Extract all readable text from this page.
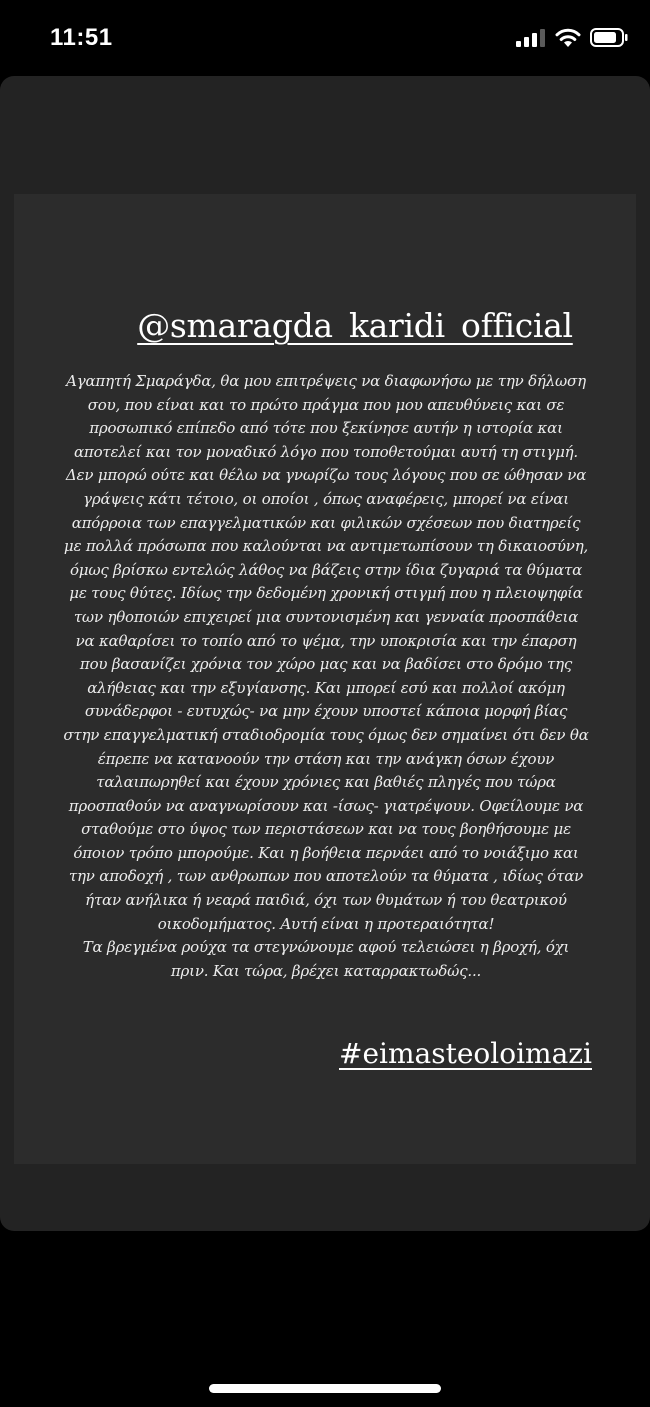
11:51
@smaragda_karidi_official

Αγαπητή Σμαράγδα, θα μου επιτρέψεις να διαφωνήσω με την δήλωση
σου, που είναι και το πρώτο πράγμα που μου απευθύνεις και σε
προσωπικό επίπεδο από τότε που ξεκίνησε αυτήν η ιστορία και
αποτελεί και τον μοναδικό λόγο που τοποθετούμαι αυτή τη στιγμή.
Δεν μπορώ ούτε και θέλω να γνωρίζω τους λόγους που σε ώθησαν να
γράψεις κάτι τέτοιο, οι οποίοι , όπως αναφέρεις, μπορεί να είναι
απόρροια των επαγγελματικών και φιλικών σχέσεων που διατηρείς
με πολλά πρόσωπα που καλούνται να αντιμετωπίσουν τη δικαιοσύνη,
όμως βρίσκω εντελώς λάθος να βάζεις στην ίδια ζυγαριά τα θύματα
με τους θύτες. Ιδίως την δεδομένη χρονική στιγμή που η πλειοψηφία
των ηθοποιών επιχειρεί μια συντονισμένη και γενναία προσπάθεια
να καθαρίσει το τοπίο από το ψέμα, την υποκρισία και την έπαρση
που βασανίζει χρόνια τον χώρο μας και να βαδίσει στο δρόμο της
αλήθειας και την εξυγίανσης. Και μπορεί εσύ και πολλοί ακόμη
συνάδερφοι - ευτυχώς- να μην έχουν υποστεί κάποια μορφή βίας
στην επαγγελματική σταδιοδρομία τους όμως δεν σημαίνει ότι δεν θα
έπρεπε να κατανοούν την στάση και την ανάγκη όσων έχουν
ταλαιπωρηθεί και έχουν χρόνιες και βαθιές πληγές που τώρα
προσπαθούν να αναγνωρίσουν και -ίσως- γιατρέψουν. Οφείλουμε να
σταθούμε στο ύψος των περιστάσεων και να τους βοηθήσουμε με
όποιον τρόπο μπορούμε. Και η βοήθεια περνάει από το νοιάξιμο και
την αποδοχή , των ανθρωπων που αποτελούν τα θύματα , ιδίως όταν
ήταν ανήλικα ή νεαρά παιδιά, όχι των θυμάτων ή του θεατρικού
οικοδομήματος. Αυτή είναι η προτεραιότητα!
Τα βρεγμένα ρούχα τα στεγνώνουμε αφού τελειώσει η βροχή, όχι
πριν. Και τώρα, βρέχει καταρρακτωδώς...

#eimasteoloimazi
